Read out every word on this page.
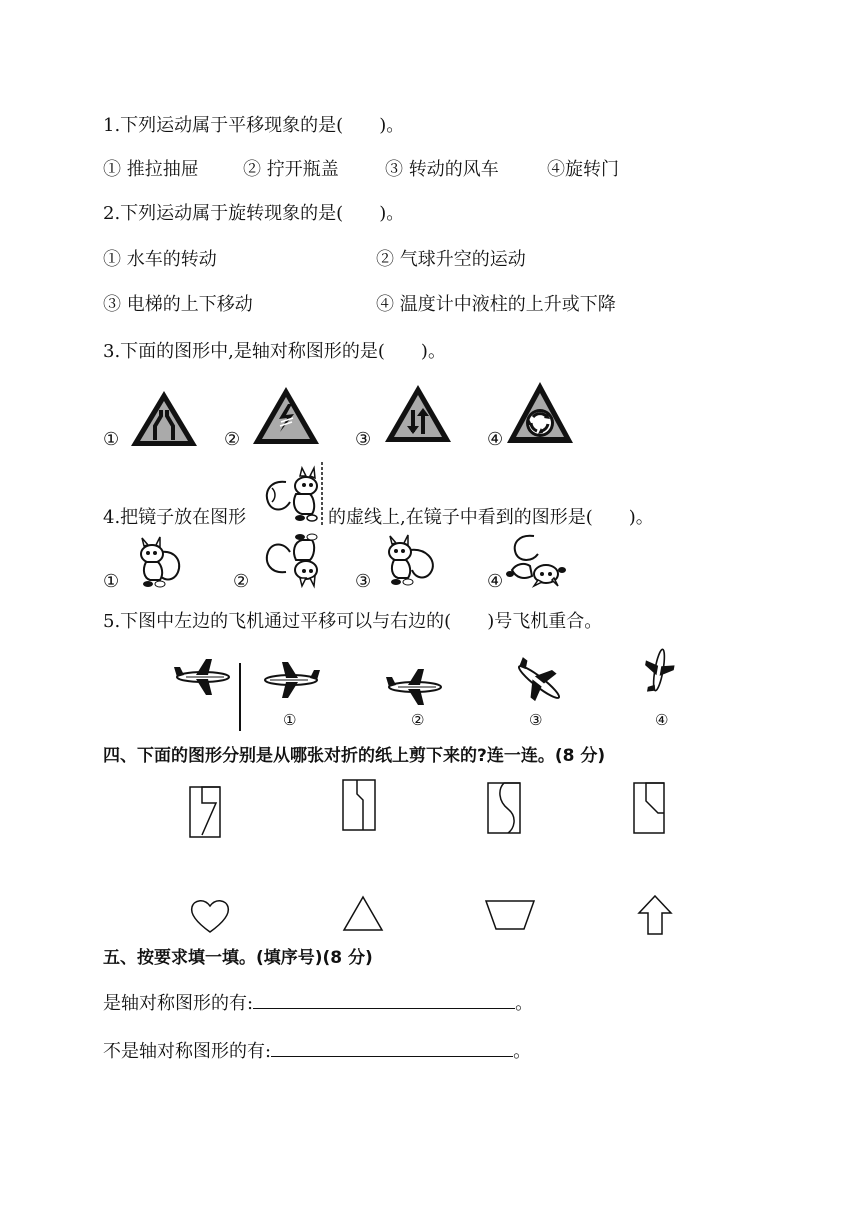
1.下列运动属于平移现象的是(　　)。
① 推拉抽屉 ② 拧开瓶盖	③ 转动的风车	④旋转门
2.下列运动属于旋转现象的是(　　)。
① 水车的转动	② 气球升空的运动
③ 电梯的上下移动	④ 温度计中液柱的上升或下降
3.下面的图形中,是轴对称图形的是(　　)。
①	②	③	④
4.把镜子放在图形	的虚线上,在镜子中看到的图形是(　　)。
①	②	③	④
5.下图中左边的飞机通过平移可以与右边的(　　)号飞机重合。
①	②	③	④
四、下面的图形分别是从哪张对折的纸上剪下来的?连一连。(8 分)
五、按要求填一填。(填序号)(8 分)
是轴对称图形的有:	。
不是轴对称图形的有:	。
